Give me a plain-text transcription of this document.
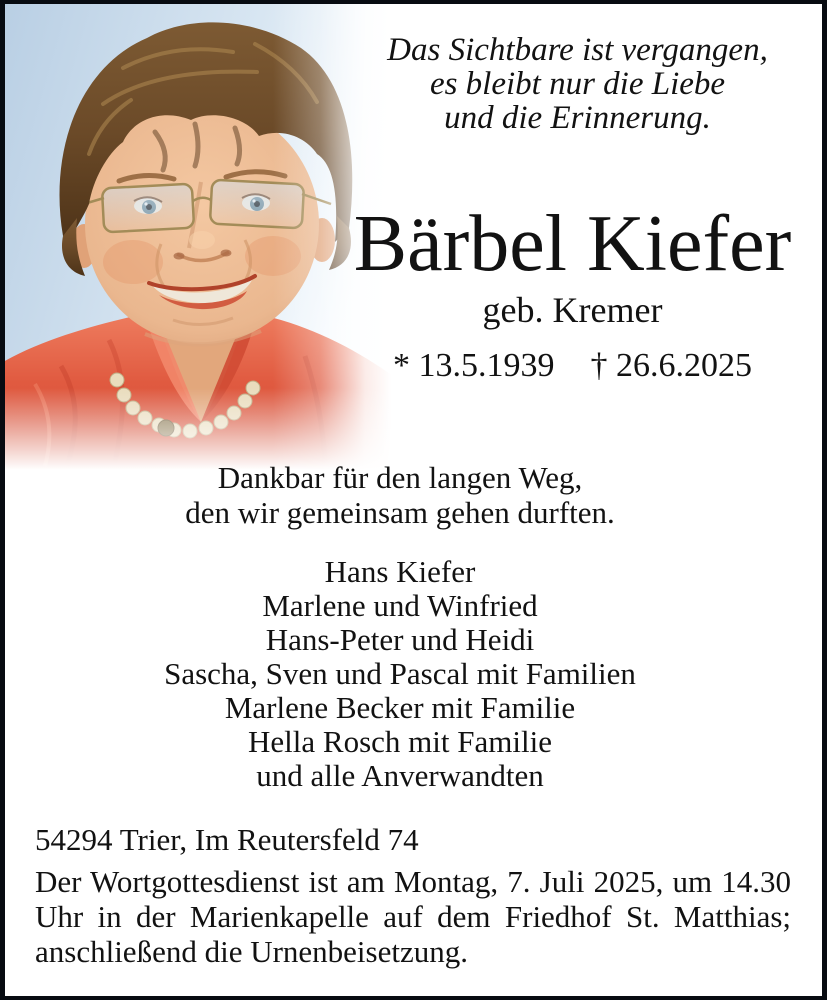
Das Sichtbare ist vergangen,
es bleibt nur die Liebe
und die Erinnerung.
Bärbel Kiefer
geb. Kremer
* 13.5.1939 † 26.6.2025
Dankbar für den langen Weg,
den wir gemeinsam gehen durften.
Hans Kiefer
Marlene und Winfried
Hans-Peter und Heidi
Sascha, Sven und Pascal mit Familien
Marlene Becker mit Familie
Hella Rosch mit Familie
und alle Anverwandten
54294 Trier, Im Reutersfeld 74

Der Wortgottesdienst ist am Montag, 7. Juli 2025, um 14.30 Uhr in der Marienkapelle auf dem Friedhof St. Matthias; anschließend die Urnenbeisetzung.
